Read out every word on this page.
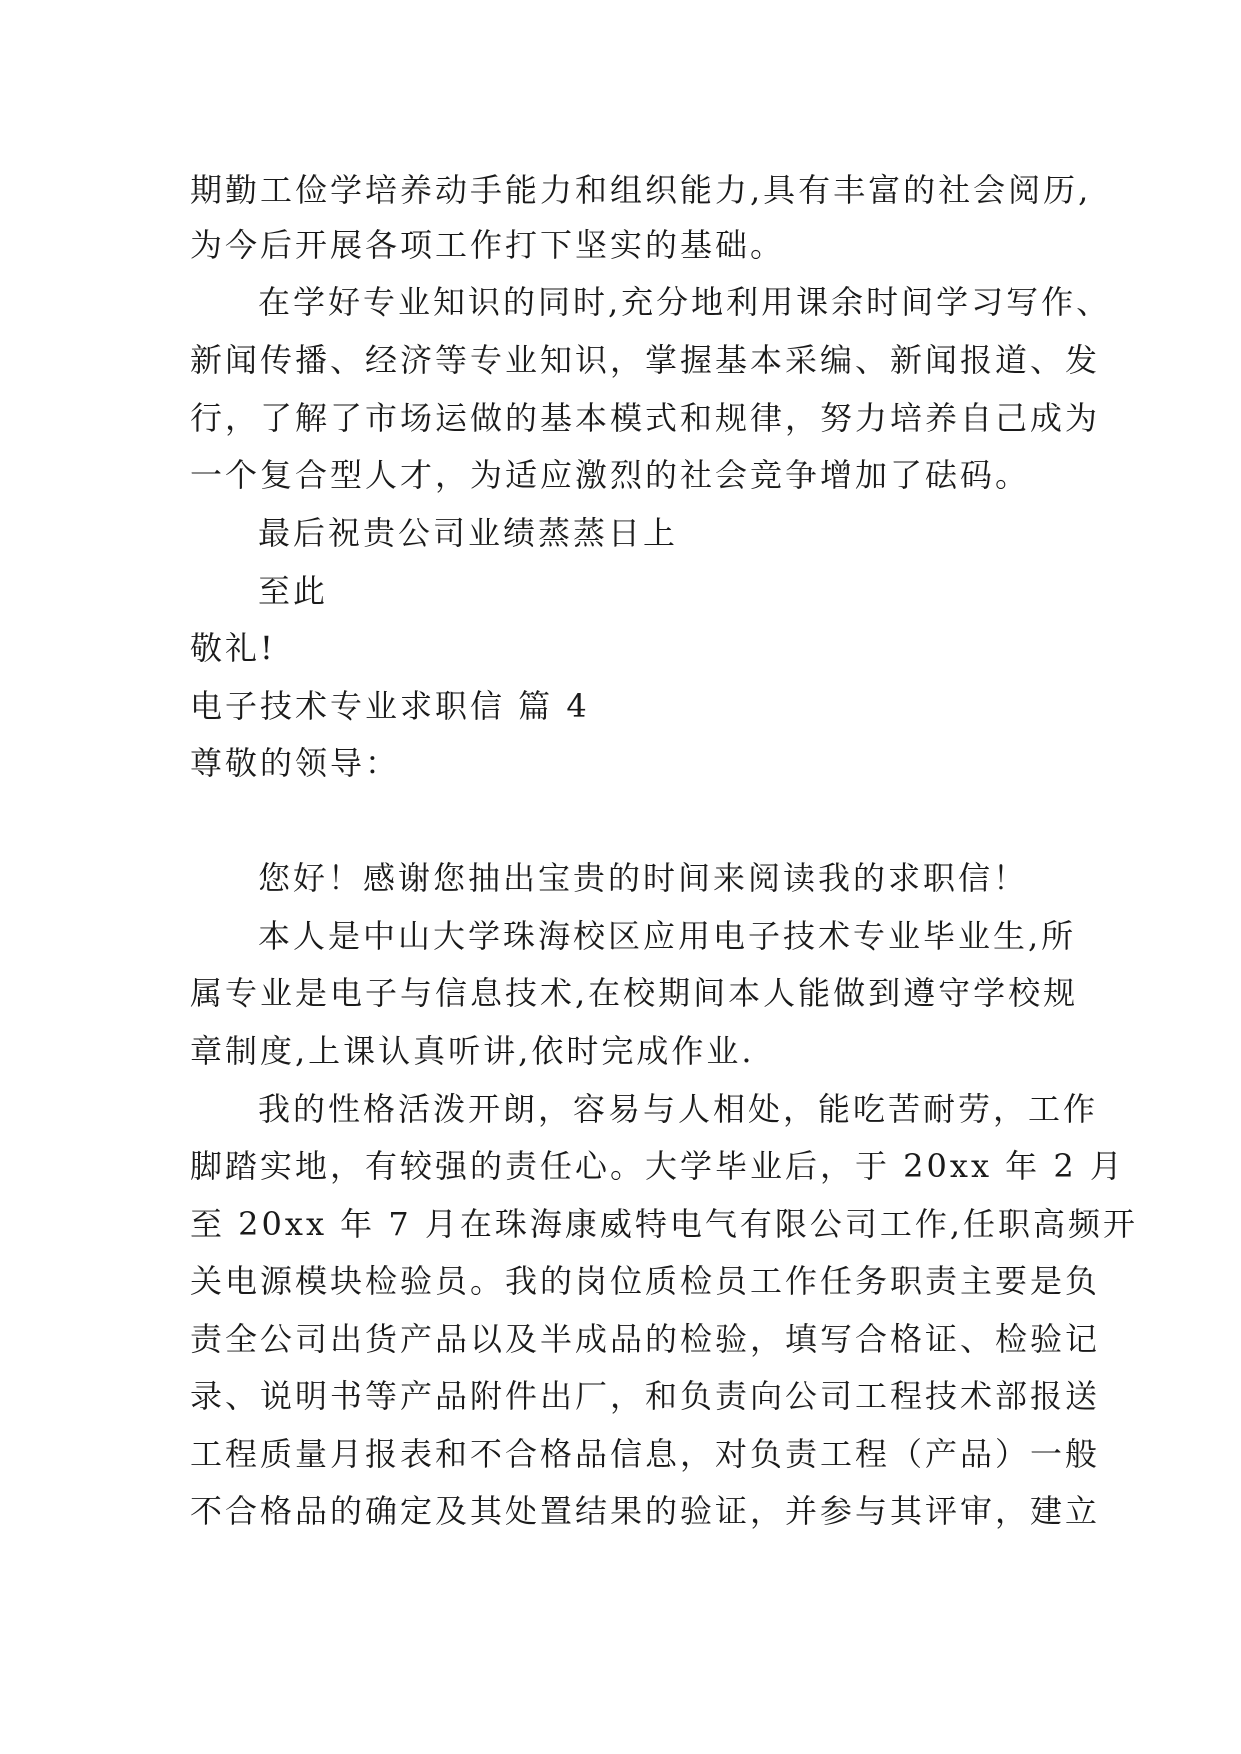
期勤工俭学培养动手能力和组织能力,具有丰富的社会阅历,
为今后开展各项工作打下坚实的基础。
在学好专业知识的同时,充分地利用课余时间学习写作、
新闻传播、经济等专业知识，掌握基本采编、新闻报道、发
行，了解了市场运做的基本模式和规律，努力培养自己成为
一个复合型人才，为适应激烈的社会竞争增加了砝码。
最后祝贵公司业绩蒸蒸日上
至此
敬礼!
电子技术专业求职信 篇 4
尊敬的领导：
您好！感谢您抽出宝贵的时间来阅读我的求职信！
本人是中山大学珠海校区应用电子技术专业毕业生,所
属专业是电子与信息技术,在校期间本人能做到遵守学校规
章制度,上课认真听讲,依时完成作业.
我的性格活泼开朗，容易与人相处，能吃苦耐劳，工作
脚踏实地，有较强的责任心。大学毕业后，于 20xx 年 2 月
至 20xx 年 7 月在珠海康威特电气有限公司工作,任职高频开
关电源模块检验员。我的岗位质检员工作任务职责主要是负
责全公司出货产品以及半成品的检验，填写合格证、检验记
录、说明书等产品附件出厂，和负责向公司工程技术部报送
工程质量月报表和不合格品信息，对负责工程（产品）一般
不合格品的确定及其处置结果的验证，并参与其评审，建立
